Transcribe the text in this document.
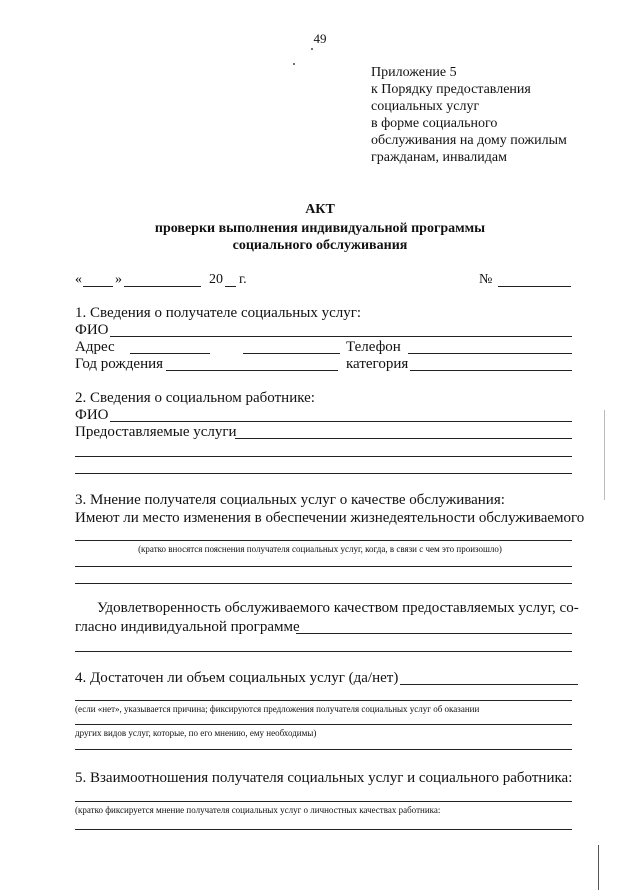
49
Приложение 5
к Порядку предоставления
социальных услуг
в форме социального
обслуживания на дому пожилым
гражданам, инвалидам
АКТ
проверки выполнения индивидуальной программы
социального обслуживания
« »	20 г.	№
1. Сведения о получателе социальных услуг:
ФИО
Адрес	Телефон
Год рождения	категория
2. Сведения о социальном работнике:
ФИО
Предоставляемые услуги
3. Мнение получателя социальных услуг о качестве обслуживания:
Имеют ли место изменения в обеспечении жизнедеятельности обслуживаемого
(кратко вносятся пояснения получателя социальных услуг, когда, в связи с чем это произошло)
Удовлетворенность обслуживаемого качеством предоставляемых услуг, со-
гласно индивидуальной программе
4. Достаточен ли объем социальных услуг (да/нет)
(если «нет», указывается причина; фиксируются предложения получателя социальных услуг об оказании
других видов услуг, которые, по его мнению, ему необходимы)
5. Взаимоотношения получателя социальных услуг и социального работника:
(кратко фиксируется мнение получателя социальных услуг о личностных качествах работника:
